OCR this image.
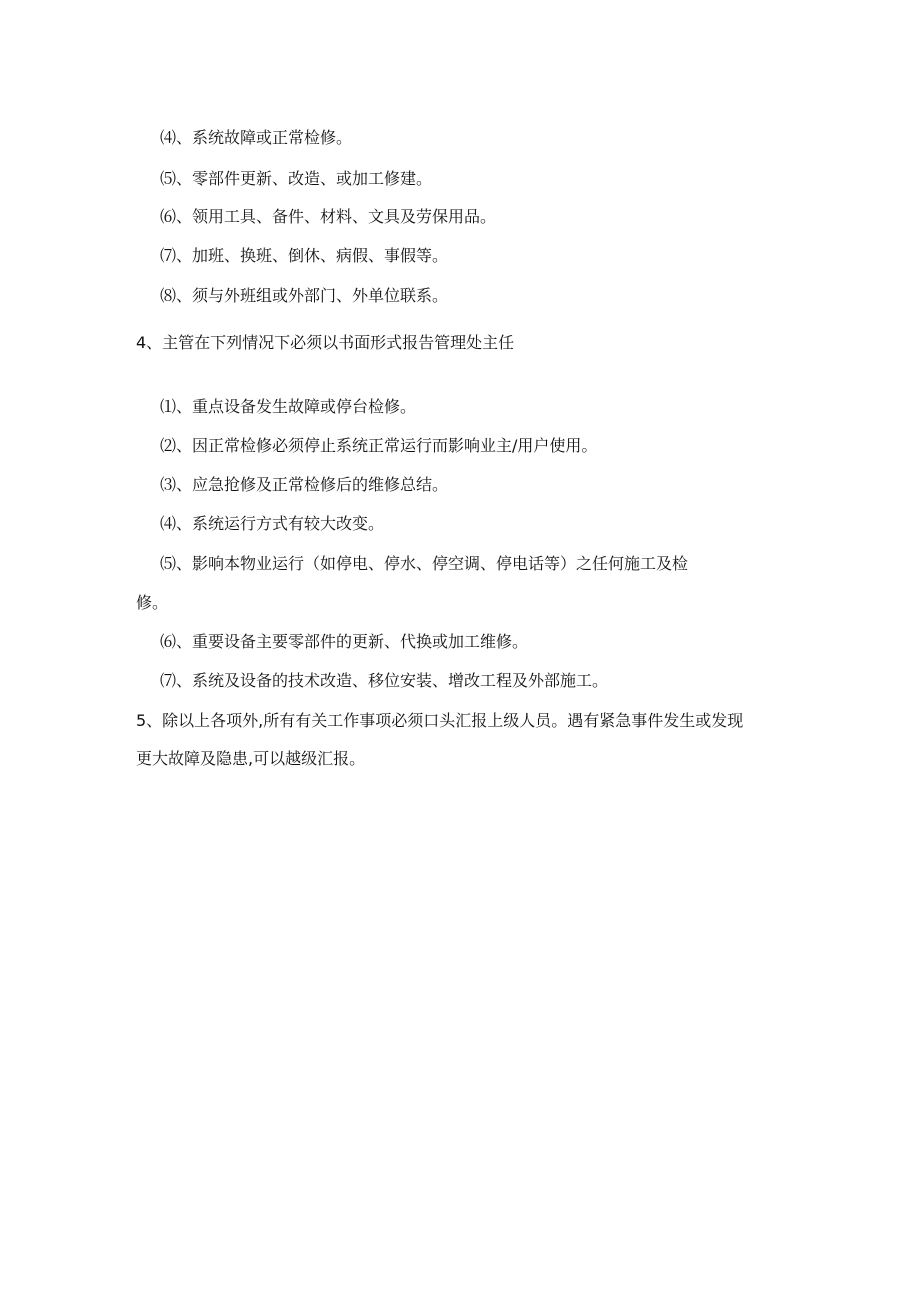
⑷、系统故障或正常检修。
⑸、零部件更新、改造、或加工修建。
⑹、领用工具、备件、材料、文具及劳保用品。
⑺、加班、换班、倒休、病假、事假等。
⑻、须与外班组或外部门、外单位联系。
4、主管在下列情况下必须以书面形式报告管理处主任
⑴、重点设备发生故障或停台检修。
⑵、因正常检修必须停止系统正常运行而影响业主/用户使用。
⑶、应急抢修及正常检修后的维修总结。
⑷、系统运行方式有较大改变。
⑸、影响本物业运行（如停电、停水、停空调、停电话等）之任何施工及检
修。
⑹、重要设备主要零部件的更新、代换或加工维修。
⑺、系统及设备的技术改造、移位安装、增改工程及外部施工。
5、除以上各项外,所有有关工作事项必须口头汇报上级人员。遇有紧急事件发生或发现
更大故障及隐患,可以越级汇报。
